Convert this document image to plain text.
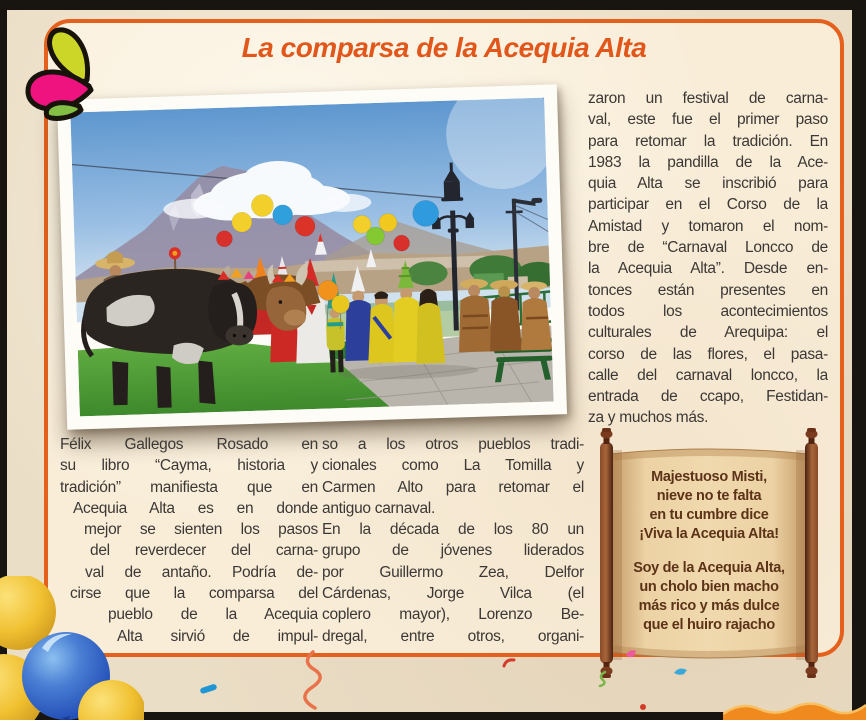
La comparsa de la Acequia Alta
zaron un festival de carna-
val, este fue el primer paso
para retomar la tradición. En
1983 la pandilla de la Ace-
quia Alta se inscribió para
participar en el Corso de la
Amistad y tomaron el nom-
bre de “Carnaval Loncco de
la Acequia Alta”. Desde en-
tonces están presentes en
todos los acontecimientos
culturales de Arequipa: el
corso de las flores, el pasa-
calle del carnaval loncco, la
entrada de ccapo, Festidan-
za y muchos más.
Félix Gallegos Rosado en
su libro “Cayma, historia y
tradición” manifiesta que en
Acequia Alta es en donde
mejor se sienten los pasos
del reverdecer del carna-
val de antaño. Podría de-
cirse que la comparsa del
pueblo de la Acequia
Alta sirvió de impul-
so a los otros pueblos tradi-
cionales como La Tomilla y
Carmen Alto para retomar el
antiguo carnaval.
En la década de los 80 un
grupo de jóvenes liderados
por Guillermo Zea, Delfor
Cárdenas, Jorge Vilca (el
coplero mayor), Lorenzo Be-
dregal, entre otros, organi-
Majestuoso Misti,
nieve no te falta
en tu cumbre dice
¡Viva la Acequia Alta!
Soy de la Acequia Alta,
un cholo bien macho
más rico y más dulce
que el huiro rajacho
